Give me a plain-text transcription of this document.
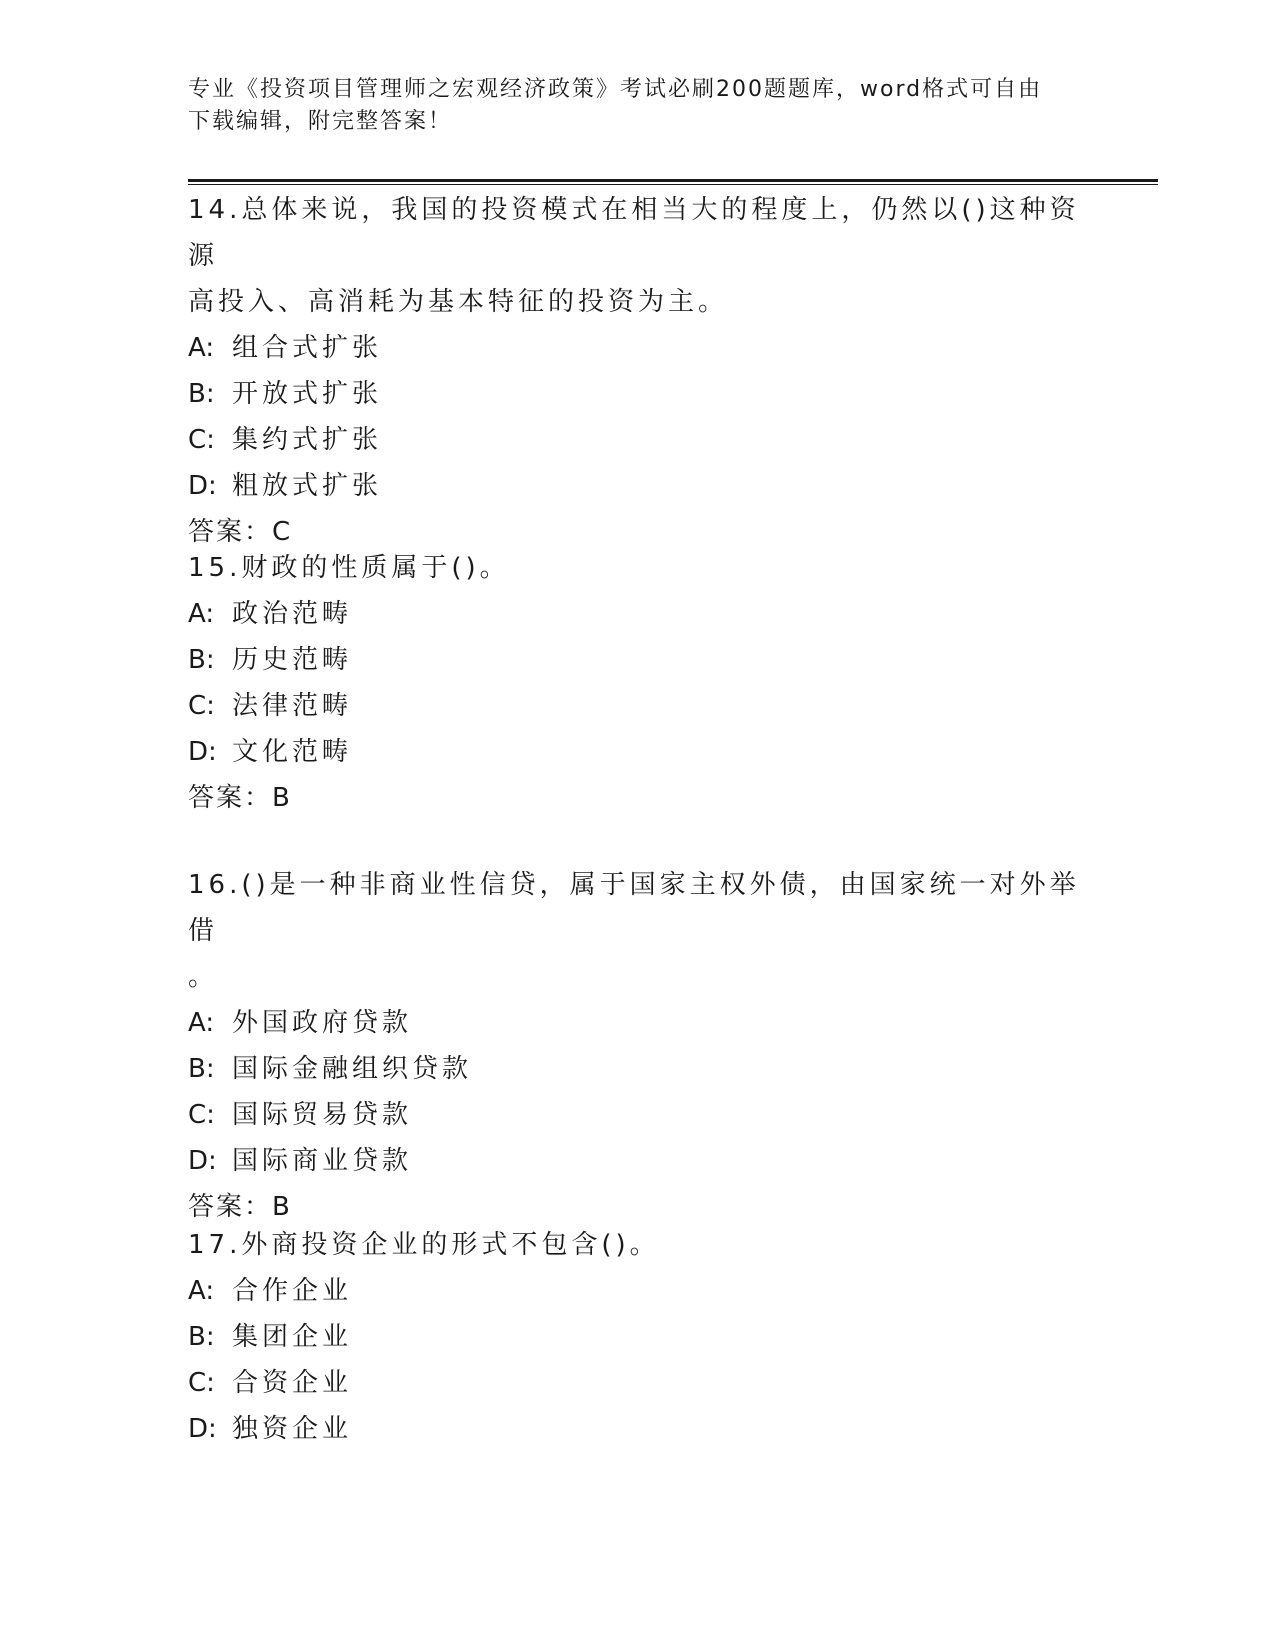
专业《投资项目管理师之宏观经济政策》考试必刷200题题库，word格式可自由
下载编辑，附完整答案！
14.总体来说，我国的投资模式在相当大的程度上，仍然以()这种资源
高投入、高消耗为基本特征的投资为主。
A: 组合式扩张
B: 开放式扩张
C: 集约式扩张
D: 粗放式扩张
答案：C
15.财政的性质属于()。
A: 政治范畴
B: 历史范畴
C: 法律范畴
D: 文化范畴
答案：B
16.()是一种非商业性信贷，属于国家主权外债，由国家统一对外举借
。
A: 外国政府贷款
B: 国际金融组织贷款
C: 国际贸易贷款
D: 国际商业贷款
答案：B
17.外商投资企业的形式不包含()。
A: 合作企业
B: 集团企业
C: 合资企业
D: 独资企业
